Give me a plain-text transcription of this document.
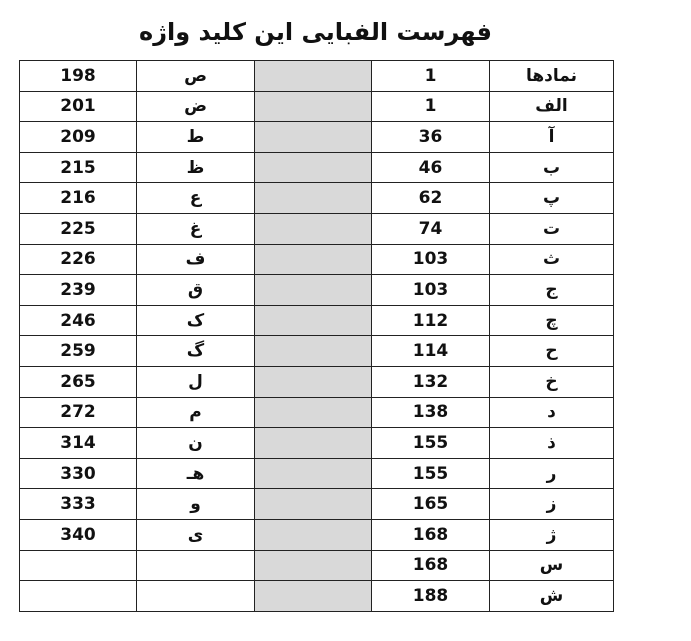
فهرست الفبایی این کلید واژه
198	ص		1	نمادها
201	ض		1	الف
209	ط		36	آ
215	ظ		46	ب
216	ع		62	پ
225	غ		74	ت
226	ف		103	ث
239	ق		103	ج
246	ک		112	چ
259	گ		114	ح
265	ل		132	خ
272	م		138	د
314	ن		155	ذ
330	هـ		155	ر
333	و		165	ز
340	ی		168	ژ
			168	س
			188	ش
